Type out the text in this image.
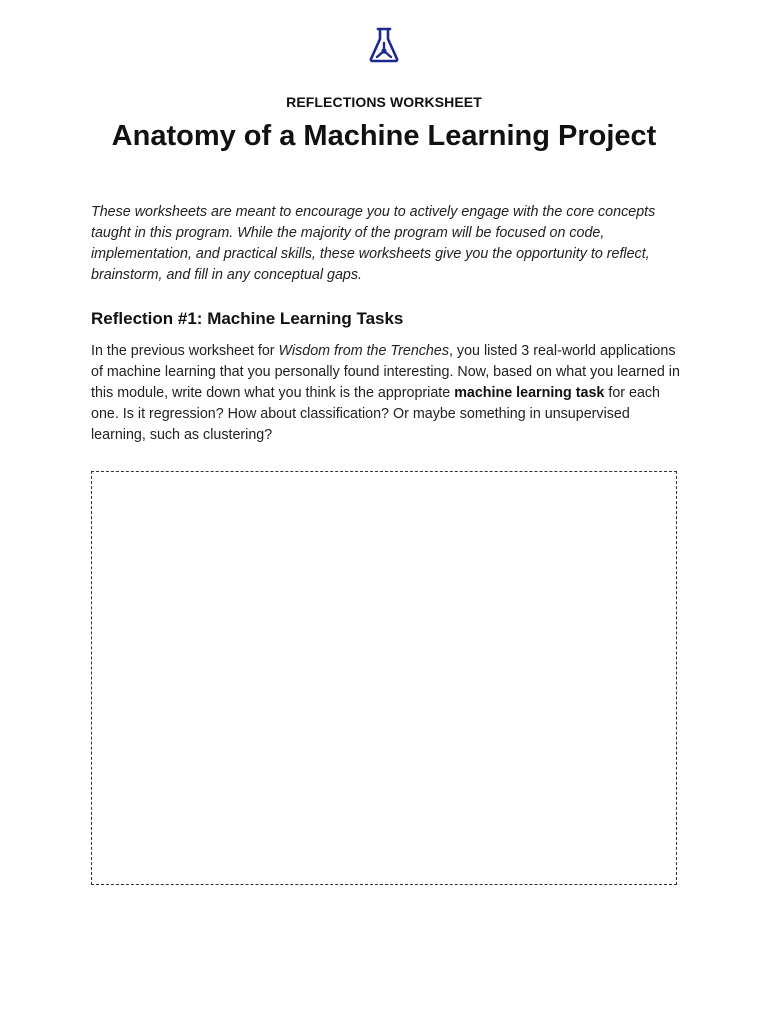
REFLECTIONS WORKSHEET
Anatomy of a Machine Learning Project

These worksheets are meant to encourage you to actively engage with the core concepts taught in this program. While the majority of the program will be focused on code, implementation, and practical skills, these worksheets give you the opportunity to reflect, brainstorm, and fill in any conceptual gaps.

Reflection #1: Machine Learning Tasks

In the previous worksheet for Wisdom from the Trenches, you listed 3 real-world applications of machine learning that you personally found interesting. Now, based on what you learned in this module, write down what you think is the appropriate machine learning task for each one. Is it regression? How about classification? Or maybe something in unsupervised learning, such as clustering?
